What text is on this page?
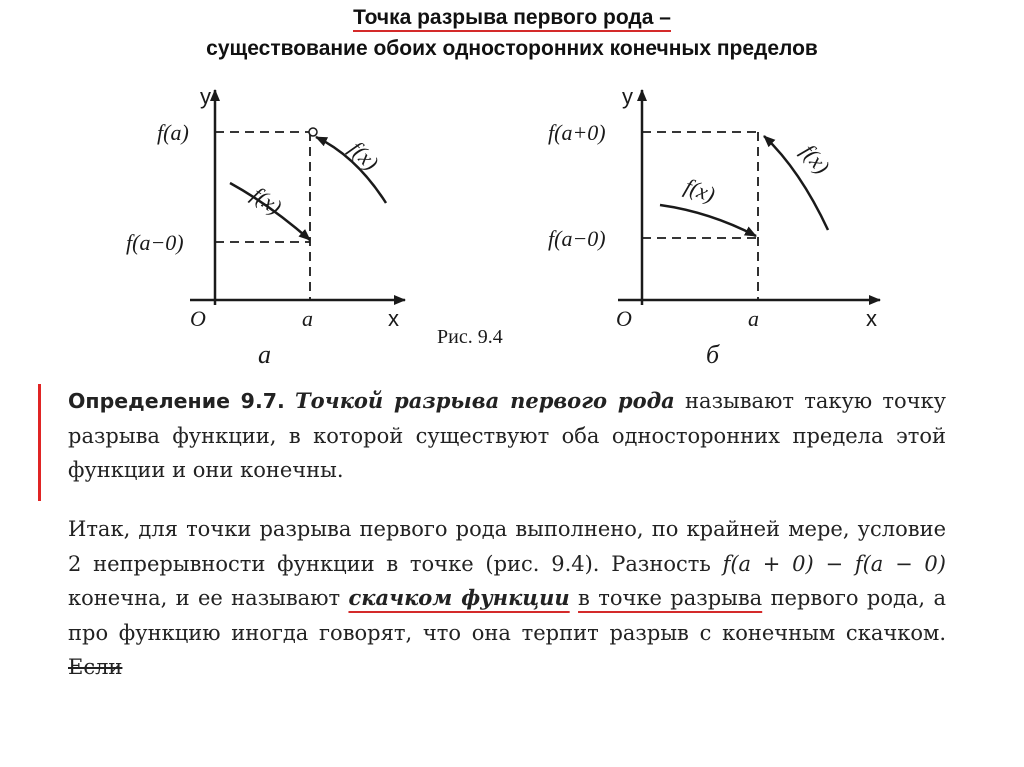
Точка разрыва первого рода –
существование обоих односторонних конечных пределов
y
x
O	a
f(a)
f(a−0)
f(x)
f(x)
y
x
O	a
f(a+0)
f(a−0)
f(x)
f(x)
а	б
Рис. 9.4
Определение 9.7. Точкой разрыва первого рода называют такую точку разрыва функции, в которой существуют оба односторонних предела этой функции и они конечны.
Итак, для точки разрыва первого рода выполнено, по крайней мере, условие 2 непрерывности функции в точке (рис. 9.4). Разность f(a + 0) − f(a − 0) конечна, и ее называют скачком функции в точке разрыва первого рода, а про функцию иногда говорят, что она терпит разрыв с конечным скачком. Если
